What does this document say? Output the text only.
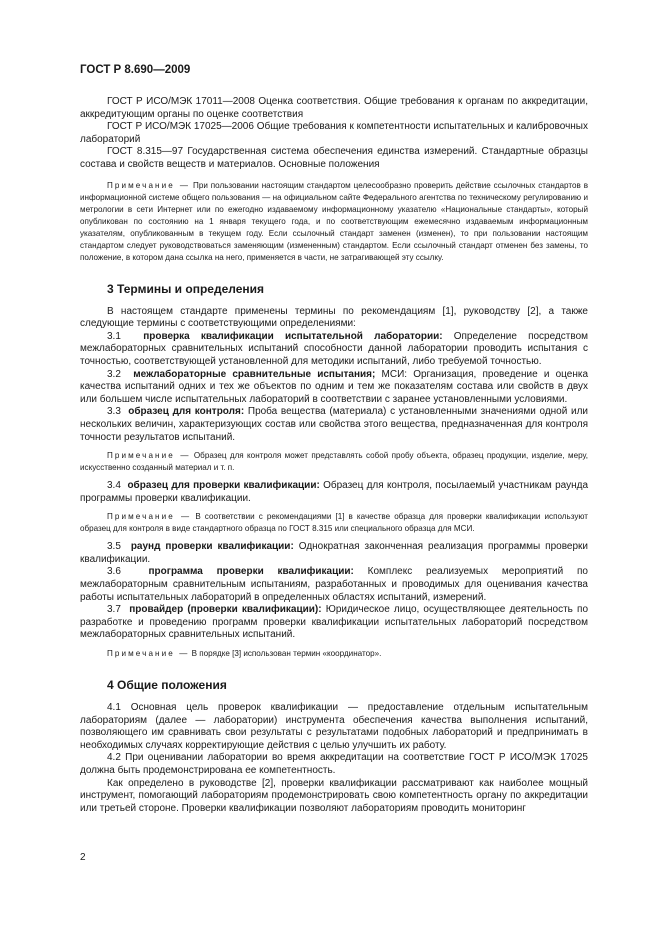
ГОСТ Р 8.690—2009

ГОСТ Р ИСО/МЭК 17011—2008 Оценка соответствия. Общие требования к органам по аккредитации, аккредитующим органы по оценке соответствия

ГОСТ Р ИСО/МЭК 17025—2006 Общие требования к компетентности испытательных и калибровочных лабораторий

ГОСТ 8.315—97 Государственная система обеспечения единства измерений. Стандартные образцы состава и свойств веществ и материалов. Основные положения

Примечание — При пользовании настоящим стандартом целесообразно проверить действие ссылочных стандартов в информационной системе общего пользования — на официальном сайте Федерального агентства по техническому регулированию и метрологии в сети Интернет или по ежегодно издаваемому информационному указателю «Национальные стандарты», который опубликован по состоянию на 1 января текущего года, и по соответствующим ежемесячно издаваемым информационным указателям, опубликованным в текущем году. Если ссылочный стандарт заменен (изменен), то при пользовании настоящим стандартом следует руководствоваться заменяющим (измененным) стандартом. Если ссылочный стандарт отменен без замены, то положение, в котором дана ссылка на него, применяется в части, не затрагивающей эту ссылку.

3 Термины и определения

В настоящем стандарте применены термины по рекомендациям [1], руководству [2], а также следующие термины с соответствующими определениями:

3.1 проверка квалификации испытательной лаборатории: Определение посредством межлабораторных сравнительных испытаний способности данной лаборатории проводить испытания с точностью, соответствующей установленной для методики испытаний, либо требуемой точностью.

3.2 межлабораторные сравнительные испытания; МСИ: Организация, проведение и оценка качества испытаний одних и тех же объектов по одним и тем же показателям состава или свойств в двух или большем числе испытательных лабораторий в соответствии с заранее установленными условиями.

3.3 образец для контроля: Проба вещества (материала) с установленными значениями одной или нескольких величин, характеризующих состав или свойства этого вещества, предназначенная для контроля точности результатов испытаний.

Примечание — Образец для контроля может представлять собой пробу объекта, образец продукции, изделие, меру, искусственно созданный материал и т. п.

3.4 образец для проверки квалификации: Образец для контроля, посылаемый участникам раунда программы проверки квалификации.

Примечание — В соответствии с рекомендациями [1] в качестве образца для проверки квалификации используют образец для контроля в виде стандартного образца по ГОСТ 8.315 или специального образца для МСИ.

3.5 раунд проверки квалификации: Однократная законченная реализация программы проверки квалификации.

3.6	программа проверки квалификации: Комплекс реализуемых мероприятий по межлабораторным сравнительным испытаниям, разработанных и проводимых для оценивания качества работы испытательных лабораторий в определенных областях испытаний, измерений.

3.7 провайдер (проверки квалификации): Юридическое лицо, осуществляющее деятельность по разработке и проведению программ проверки квалификации испытательных лабораторий посредством межлабораторных сравнительных испытаний.

Примечание — В порядке [3] использован термин «координатор».

4 Общие положения

4.1 Основная цель проверок квалификации — предоставление отдельным испытательным лабораториям (далее — лаборатории) инструмента обеспечения качества выполнения испытаний, позволяющего им сравнивать свои результаты с результатами подобных лабораторий и предпринимать в необходимых случаях корректирующие действия с целью улучшить их работу.

4.2 При оценивании лаборатории во время аккредитации на соответствие ГОСТ Р ИСО/МЭК 17025 должна быть продемонстрирована ее компетентность.

Как определено в руководстве [2], проверки квалификации рассматривают как наиболее мощный инструмент, помогающий лабораториям продемонстрировать свою компетентность органу по аккредитации или третьей стороне. Проверки квалификации позволяют лабораториям проводить мониторинг

2
